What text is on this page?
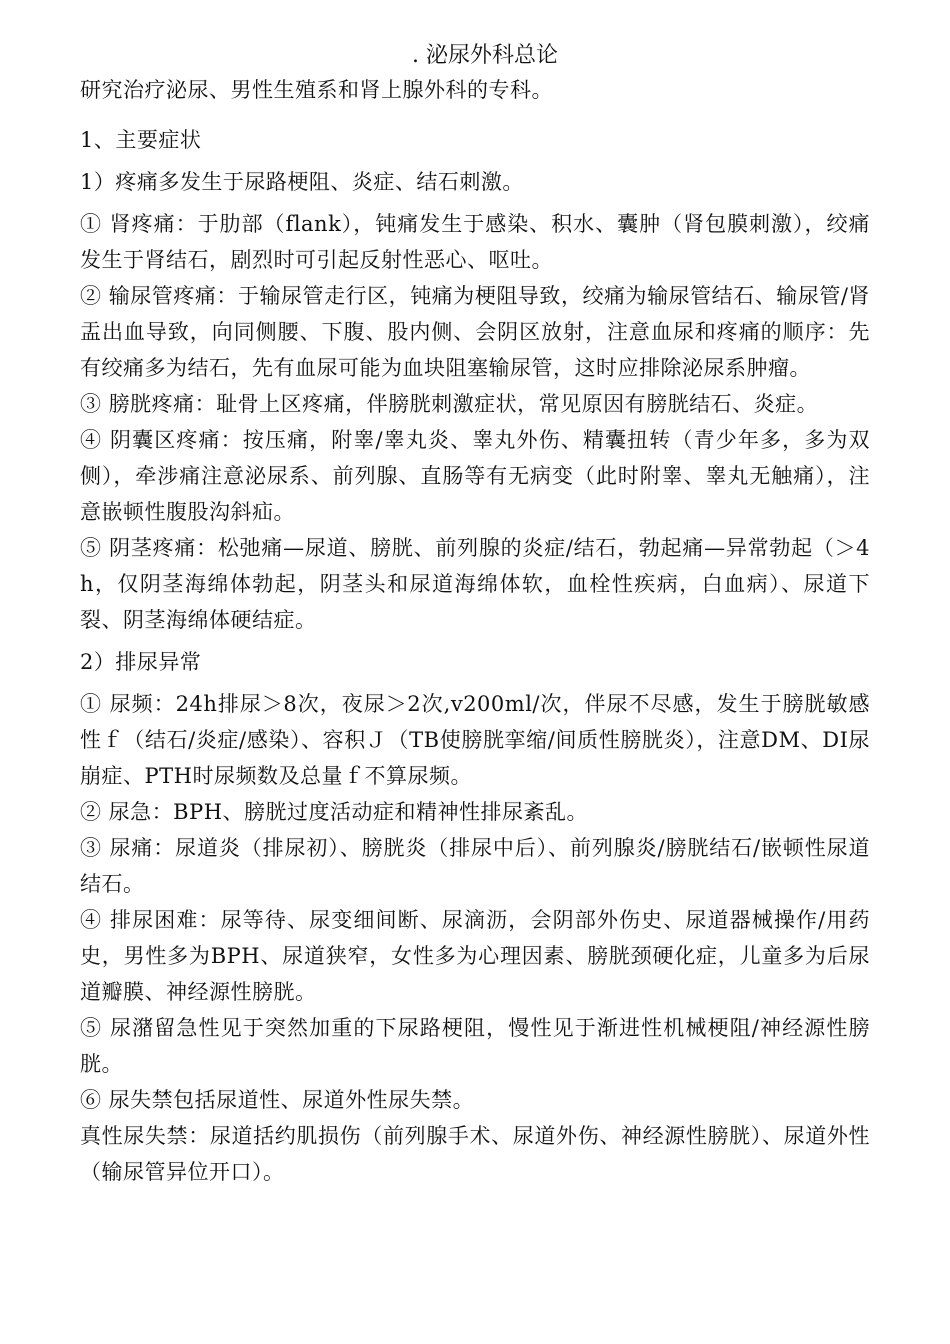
. 泌尿外科总论

研究治疗泌尿、男性生殖系和肾上腺外科的专科。

1、主要症状

1）疼痛多发生于尿路梗阻、炎症、结石刺激。

① 肾疼痛：于肋部（flank），钝痛发生于感染、积水、囊肿（肾包膜刺激），绞痛发生于肾结石，剧烈时可引起反射性恶心、呕吐。

② 输尿管疼痛：于输尿管走行区，钝痛为梗阻导致，绞痛为输尿管结石、输尿管/肾盂出血导致，向同侧腰、下腹、股内侧、会阴区放射，注意血尿和疼痛的顺序：先有绞痛多为结石，先有血尿可能为血块阻塞输尿管，这时应排除泌尿系肿瘤。

③ 膀胱疼痛：耻骨上区疼痛，伴膀胱刺激症状，常见原因有膀胱结石、炎症。

④ 阴囊区疼痛：按压痛，附睾/睾丸炎、睾丸外伤、精囊扭转（青少年多，多为双侧），牵涉痛注意泌尿系、前列腺、直肠等有无病变（此时附睾、睾丸无触痛），注意嵌顿性腹股沟斜疝。

⑤ 阴茎疼痛：松弛痛—尿道、膀胱、前列腺的炎症/结石，勃起痛—异常勃起（＞4h，仅阴茎海绵体勃起，阴茎头和尿道海绵体软，血栓性疾病，白血病）、尿道下裂、阴茎海绵体硬结症。

2）排尿异常

① 尿频：24h排尿＞8次，夜尿＞2次,v200ml/次，伴尿不尽感，发生于膀胱敏感性ｆ（结石/炎症/感染）、容积Ｊ（TB使膀胱挛缩/间质性膀胱炎），注意DM、DI尿崩症、PTH时尿频数及总量ｆ不算尿频。

② 尿急：BPH、膀胱过度活动症和精神性排尿紊乱。

③ 尿痛：尿道炎（排尿初）、膀胱炎（排尿中后）、前列腺炎/膀胱结石/嵌顿性尿道结石。

④ 排尿困难：尿等待、尿变细间断、尿滴沥，会阴部外伤史、尿道器械操作/用药史，男性多为BPH、尿道狭窄，女性多为心理因素、膀胱颈硬化症，儿童多为后尿道瓣膜、神经源性膀胱。

⑤ 尿潴留急性见于突然加重的下尿路梗阻，慢性见于渐进性机械梗阻/神经源性膀胱。

⑥ 尿失禁包括尿道性、尿道外性尿失禁。

真性尿失禁：尿道括约肌损伤（前列腺手术、尿道外伤、神经源性膀胱）、尿道外性（输尿管异位开口）。
